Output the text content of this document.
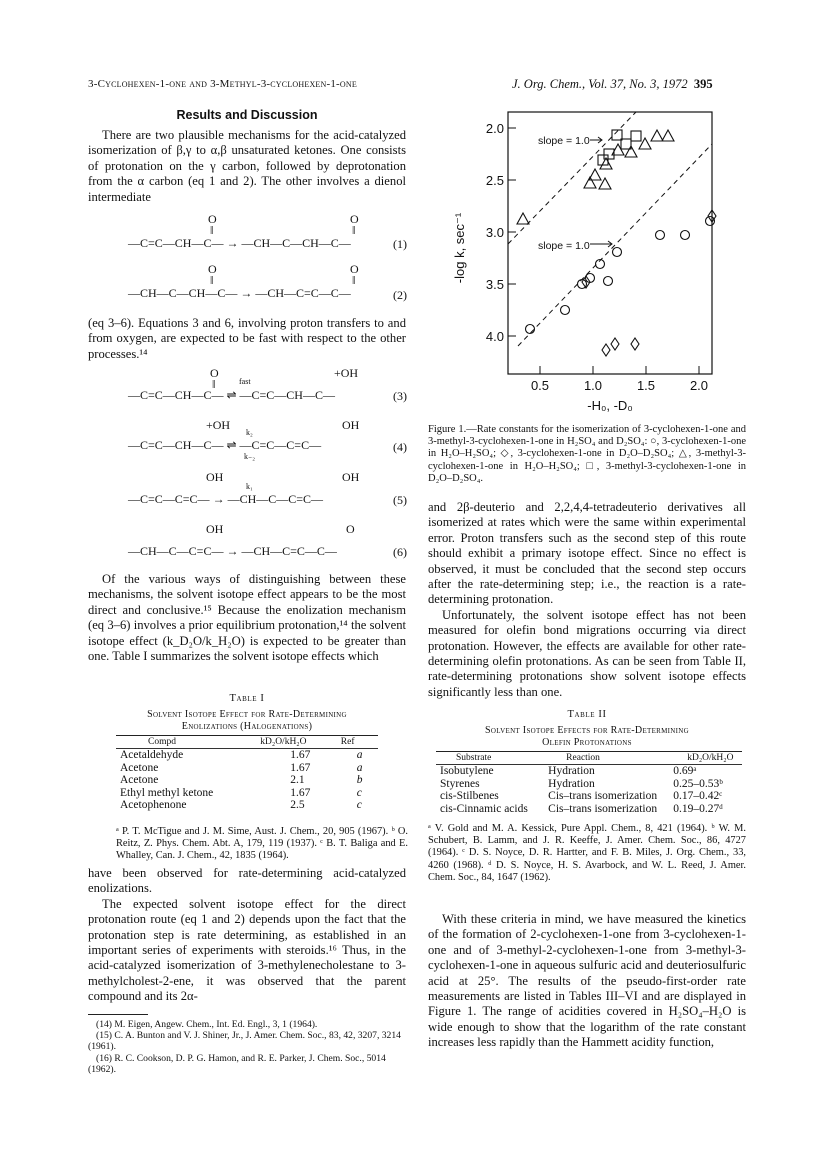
3-Cyclohexen-1-one and 3-Methyl-3-cyclohexen-1-one	J. Org. Chem., Vol. 37, No. 3, 1972 395
Results and Discussion

There are two plausible mechanisms for the acid-catalyzed isomerization of β,γ to α,β unsaturated ketones. One consists of protonation on the γ carbon, followed by deprotonation from the α carbon (eq 1 and 2). The other involves a dienol intermediate

O
‖
O
‖
—C=C—CH—C— → —CH—C—CH—C—	(1)
O
‖
O
‖
—CH—C—CH—C— → —CH—C=C—C—	(2)

(eq 3–6). Equations 3 and 6, involving proton transfers to and from oxygen, are expected to be fast with respect to the other processes.¹⁴

O
‖
+OH
fast
—C=C—CH—C— ⇌ —C=C—CH—C—	(3)
+OH	OH
k₂
k₋₂
—C=C—CH—C— ⇌ —C=C—C=C—	(4)
OH	OH
k₁
—C=C—C=C— → —CH—C—C=C—	(5)
OH	O
—CH—C—C=C— → —CH—C=C—C—	(6)

Of the various ways of distinguishing between these mechanisms, the solvent isotope effect appears to be the most direct and conclusive.¹⁵ Because the enolization mechanism (eq 3–6) involves a prior equilibrium protonation,¹⁴ the solvent isotope effect (k_D₂O/k_H₂O) is expected to be greater than one. Table I summarizes the solvent isotope effects which

Table I
Solvent Isotope Effect for Rate-Determining
Enolizations (Halogenations)
Compd	kD₂O/kH₂O	Ref
Acetaldehyde	1.67	a
Acetone	1.67	a
Acetone	2.1	b
Ethyl methyl ketone	1.67	c
Acetophenone	2.5	c
ᵃ P. T. McTigue and J. M. Sime, Aust. J. Chem., 20, 905 (1967). ᵇ O. Reitz, Z. Phys. Chem. Abt. A, 179, 119 (1937). ᶜ B. T. Baliga and E. Whalley, Can. J. Chem., 42, 1835 (1964).

have been observed for rate-determining acid-catalyzed enolizations.

The expected solvent isotope effect for the direct protonation route (eq 1 and 2) depends upon the fact that the protonation step is rate determining, as established in an important series of experiments with steroids.¹⁶ Thus, in the acid-catalyzed isomerization of 3-methylenecholestane to 3-methylcholest-2-ene, it was observed that the parent compound and its 2α-

(14) M. Eigen, Angew. Chem., Int. Ed. Engl., 3, 1 (1964).
(15) C. A. Bunton and V. J. Shiner, Jr., J. Amer. Chem. Soc., 83, 42, 3207, 3214 (1961).
(16) R. C. Cookson, D. P. G. Hamon, and R. E. Parker, J. Chem. Soc., 5014 (1962).
2.0
2.5
3.0
3.5
4.0
0.5	1.0	1.5	2.0
-H₀, -D₀
-log k, sec⁻¹
slope = 1.0
slope = 1.0
Figure 1.—Rate constants for the isomerization of 3-cyclohexen-1-one and 3-methyl-3-cyclohexen-1-one in H₂SO₄ and D₂SO₄: ○, 3-cyclohexen-1-one in H₂O–H₂SO₄; ◇, 3-cyclohexen-1-one in D₂O–D₂SO₄; △, 3-methyl-3-cyclohexen-1-one in H₂O–H₂SO₄; □, 3-methyl-3-cyclohexen-1-one in D₂O–D₂SO₄.

and 2β-deuterio and 2,2,4,4-tetradeuterio derivatives all isomerized at rates which were the same within experimental error. Proton transfers such as the second step of this route should exhibit a primary isotope effect. Since no effect is observed, it must be concluded that the second step occurs after the rate-determining step; i.e., the reaction is a rate-determining protonation.

Unfortunately, the solvent isotope effect has not been measured for olefin bond migrations occurring via direct protonation. However, the effects are available for other rate-determining olefin protonations. As can be seen from Table II, rate-determining protonations show solvent isotope effects significantly less than one.

Table II
Solvent Isotope Effects for Rate-Determining
Olefin Protonations
Substrate	Reaction	kD₂O/kH₂O
Isobutylene	Hydration	0.69ᵃ
Styrenes	Hydration	0.25–0.53ᵇ
cis-Stilbenes	Cis–trans isomerization	0.17–0.42ᶜ
cis-Cinnamic acids	Cis–trans isomerization	0.19–0.27ᵈ
ᵃ V. Gold and M. A. Kessick, Pure Appl. Chem., 8, 421 (1964). ᵇ W. M. Schubert, B. Lamm, and J. R. Keeffe, J. Amer. Chem. Soc., 86, 4727 (1964). ᶜ D. S. Noyce, D. R. Hartter, and F. B. Miles, J. Org. Chem., 33, 4260 (1968). ᵈ D. S. Noyce, H. S. Avarbock, and W. L. Reed, J. Amer. Chem. Soc., 84, 1647 (1962).

With these criteria in mind, we have measured the kinetics of the formation of 2-cyclohexen-1-one from 3-cyclohexen-1-one and of 3-methyl-2-cyclohexen-1-one from 3-methyl-3-cyclohexen-1-one in aqueous sulfuric acid and deuteriosulfuric acid at 25°. The results of the pseudo-first-order rate measurements are listed in Tables III–VI and are displayed in Figure 1. The range of acidities covered in H₂SO₄–H₂O is wide enough to show that the logarithm of the rate constant increases less rapidly than the Hammett acidity function,
